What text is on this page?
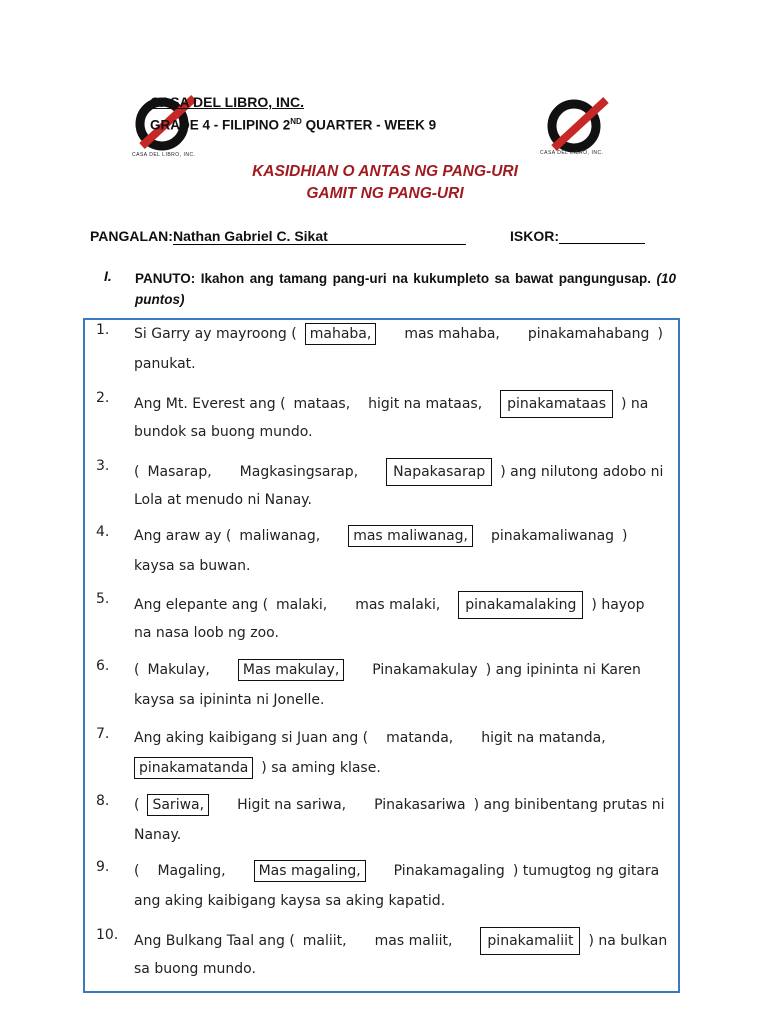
CASA DEL LIBRO, INC.	CASA DEL LIBRO, INC.
CASA DEL LIBRO, INC.
GRADE 4 - FILIPINO 2ND QUARTER - WEEK 9
KASIDHIAN O ANTAS NG PANG-URI
GAMIT NG PANG-URI
PANGALAN:Nathan Gabriel C. Sikat	ISKOR:
I. PANUTO: Ikahon ang tamang pang-uri na kukumpleto sa bawat pangungusap. (10 puntos)
1.	Si Garry ay mayroong ( mahaba, mas mahaba, pinakamahabang )
panukat.
2.	Ang Mt. Everest ang ( mataas, higit na mataas, pinakamataas ) na
bundok sa buong mundo.
3.	( Masarap, Magkasingsarap,	Napakasarap ) ang nilutong adobo ni
Lola at menudo ni Nanay.
4.	Ang araw ay ( maliwanag, mas maliwanag, pinakamaliwanag )
kaysa sa buwan.
5.	Ang elepante ang ( malaki, mas malaki, pinakamalaking ) hayop
na nasa loob ng zoo.
6.	( Makulay, Mas makulay, Pinakamakulay ) ang ipininta ni Karen
kaysa sa ipininta ni Jonelle.
7.	Ang aking kaibigang si Juan ang ( matanda, higit na matanda,
pinakamatanda ) sa aming klase.
8.	( Sariwa, Higit na sariwa, Pinakasariwa ) ang binibentang prutas ni
Nanay.
9.	( Magaling, Mas magaling, Pinakamagaling ) tumugtog ng gitara
ang aking kaibigang kaysa sa aking kapatid.
10.	Ang Bulkang Taal ang ( maliit, mas maliit,	pinakamaliit ) na bulkan
sa buong mundo.
